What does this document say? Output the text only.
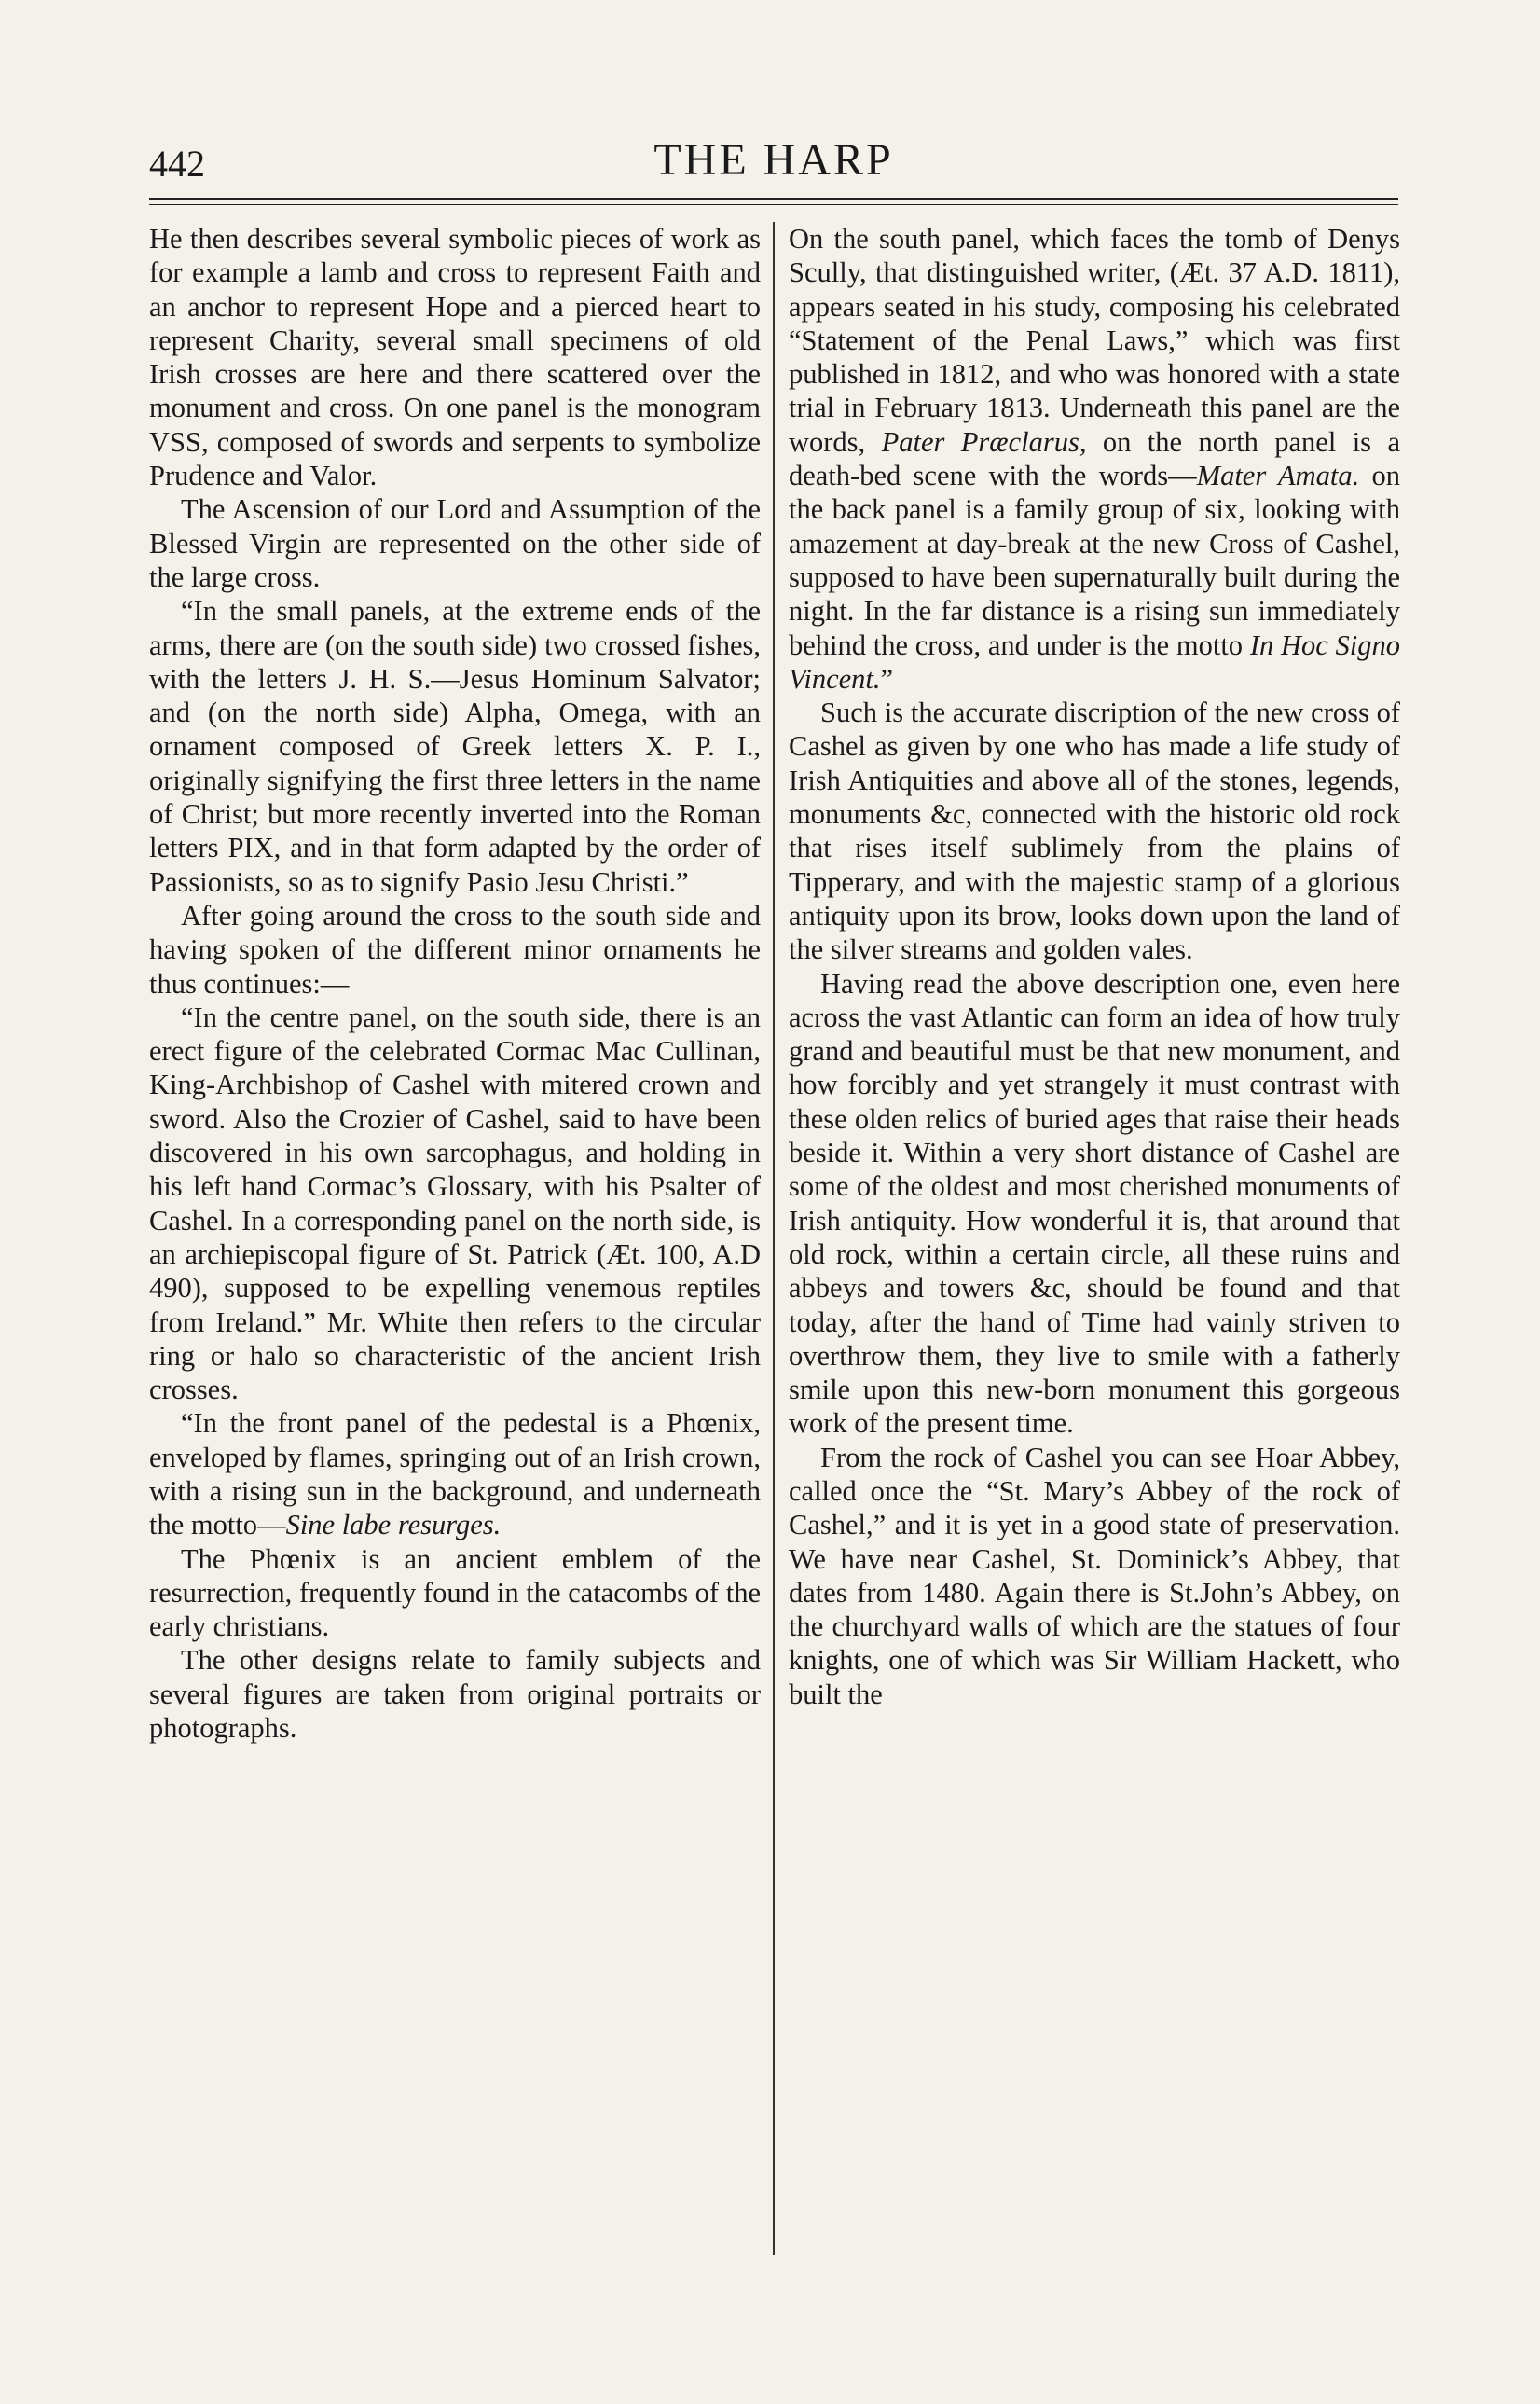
442	THE HARP

He then describes several symbolic pieces of work as for example a lamb and cross to represent Faith and an anchor to represent Hope and a pierced heart to represent Charity, several small specimens of old Irish crosses are here and there scattered over the monument and cross. On one panel is the monogram VSS, composed of swords and serpents to symbolize Prudence and Valor.

The Ascension of our Lord and Assumption of the Blessed Virgin are represented on the other side of the large cross.

“In the small panels, at the extreme ends of the arms, there are (on the south side) two crossed fishes, with the letters J. H. S.—Jesus Hominum Salvator; and (on the north side) Alpha, Omega, with an ornament composed of Greek letters X. P. I., originally signifying the first three letters in the name of Christ; but more recently inverted into the Roman letters PIX, and in that form adapted by the order of Passionists, so as to signify Pasio Jesu Christi.”

After going around the cross to the south side and having spoken of the different minor ornaments he thus continues:—

“In the centre panel, on the south side, there is an erect figure of the celebrated Cormac Mac Cullinan, King-Archbishop of Cashel with mitered crown and sword. Also the Crozier of Cashel, said to have been discovered in his own sarcophagus, and holding in his left hand Cormac’s Glossary, with his Psalter of Cashel. In a corresponding panel on the north side, is an archiepiscopal figure of St. Patrick (Æt. 100, A.D 490), supposed to be expelling venemous reptiles from Ireland.” Mr. White then refers to the circular ring or halo so characteristic of the ancient Irish crosses.

“In the front panel of the pedestal is a Phœnix, enveloped by flames, springing out of an Irish crown, with a rising sun in the background, and underneath the motto—Sine labe resurges.

The Phœnix is an ancient emblem of the resurrection, frequently found in the catacombs of the early christians.

The other designs relate to family subjects and several figures are taken from original portraits or photographs.

On the south panel, which faces the tomb of Denys Scully, that distinguished writer, (Æt. 37 A.D. 1811), appears seated in his study, composing his celebrated “Statement of the Penal Laws,” which was first published in 1812, and who was honored with a state trial in February 1813. Underneath this panel are the words, Pater Præclarus, on the north panel is a death-bed scene with the words—Mater Amata. on the back panel is a family group of six, looking with amazement at day-break at the new Cross of Cashel, supposed to have been supernaturally built during the night. In the far distance is a rising sun immediately behind the cross, and under is the motto In Hoc Signo Vincent.”

Such is the accurate discription of the new cross of Cashel as given by one who has made a life study of Irish Antiquities and above all of the stones, legends, monuments &c, connected with the historic old rock that rises itself sublimely from the plains of Tipperary, and with the majestic stamp of a glorious antiquity upon its brow, looks down upon the land of the silver streams and golden vales.

Having read the above description one, even here across the vast Atlantic can form an idea of how truly grand and beautiful must be that new monument, and how forcibly and yet strangely it must contrast with these olden relics of buried ages that raise their heads beside it. Within a very short distance of Cashel are some of the oldest and most cherished monuments of Irish antiquity. How wonderful it is, that around that old rock, within a certain circle, all these ruins and abbeys and towers &c, should be found and that today, after the hand of Time had vainly striven to overthrow them, they live to smile with a fatherly smile upon this new-born monument this gorgeous work of the present time.

From the rock of Cashel you can see Hoar Abbey, called once the “St. Mary’s Abbey of the rock of Cashel,” and it is yet in a good state of preservation. We have near Cashel, St. Dominick’s Abbey, that dates from 1480. Again there is St.John’s Abbey, on the churchyard walls of which are the statues of four knights, one of which was Sir William Hackett, who built the
